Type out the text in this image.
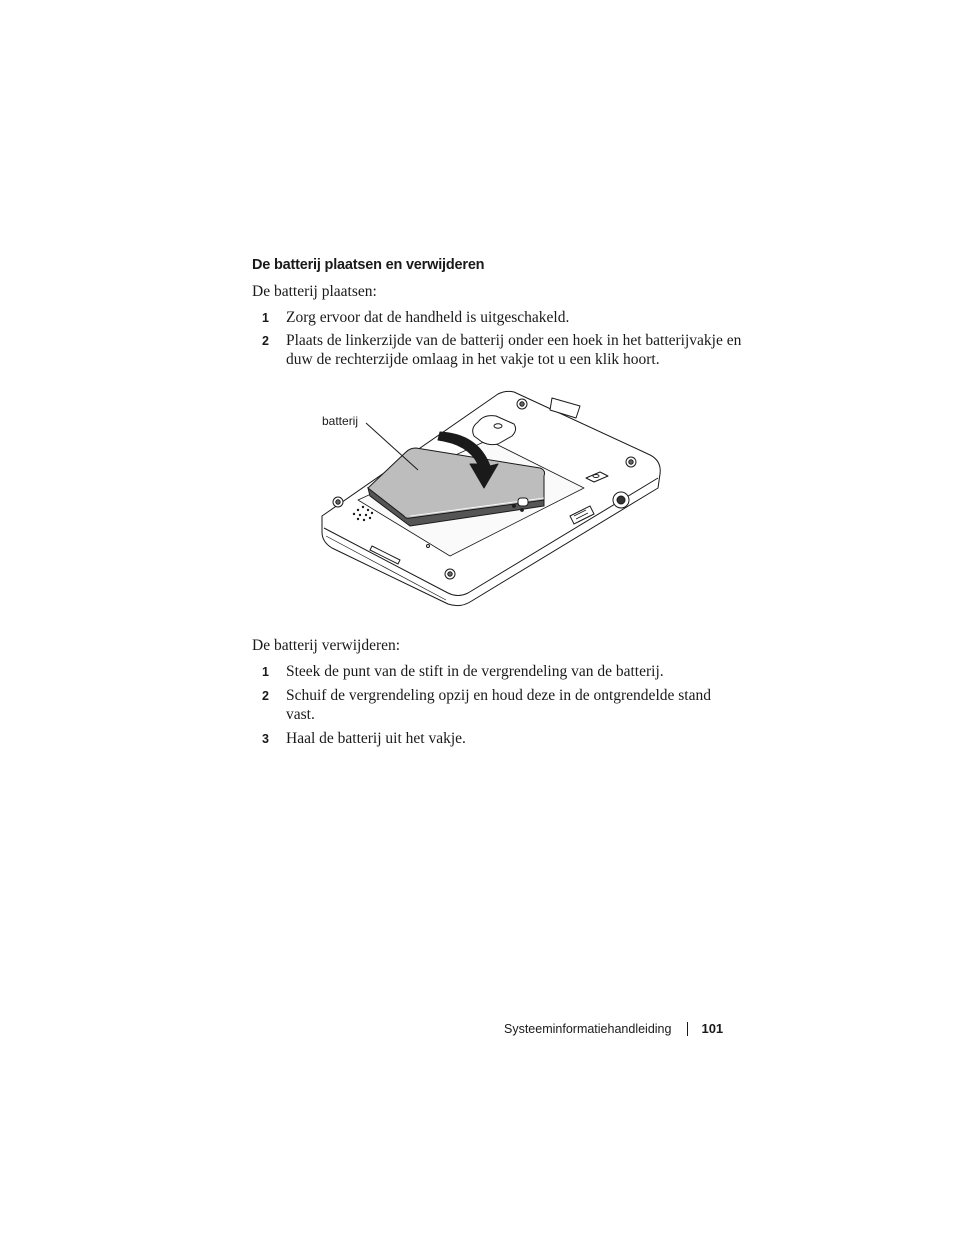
De batterij plaatsen en verwijderen

De batterij plaatsen:

1 Zorg ervoor dat de handheld is uitgeschakeld.
2 Plaats de linkerzijde van de batterij onder een hoek in het batterijvakje en duw de rechterzijde omlaag in het vakje tot u een klik hoort.
batterij

De batterij verwijderen:

1 Steek de punt van de stift in de vergrendeling van de batterij.
2 Schuif de vergrendeling opzij en houd deze in de ontgrendelde stand vast.
3 Haal de batterij uit het vakje.
Systeeminformatiehandleiding 101
